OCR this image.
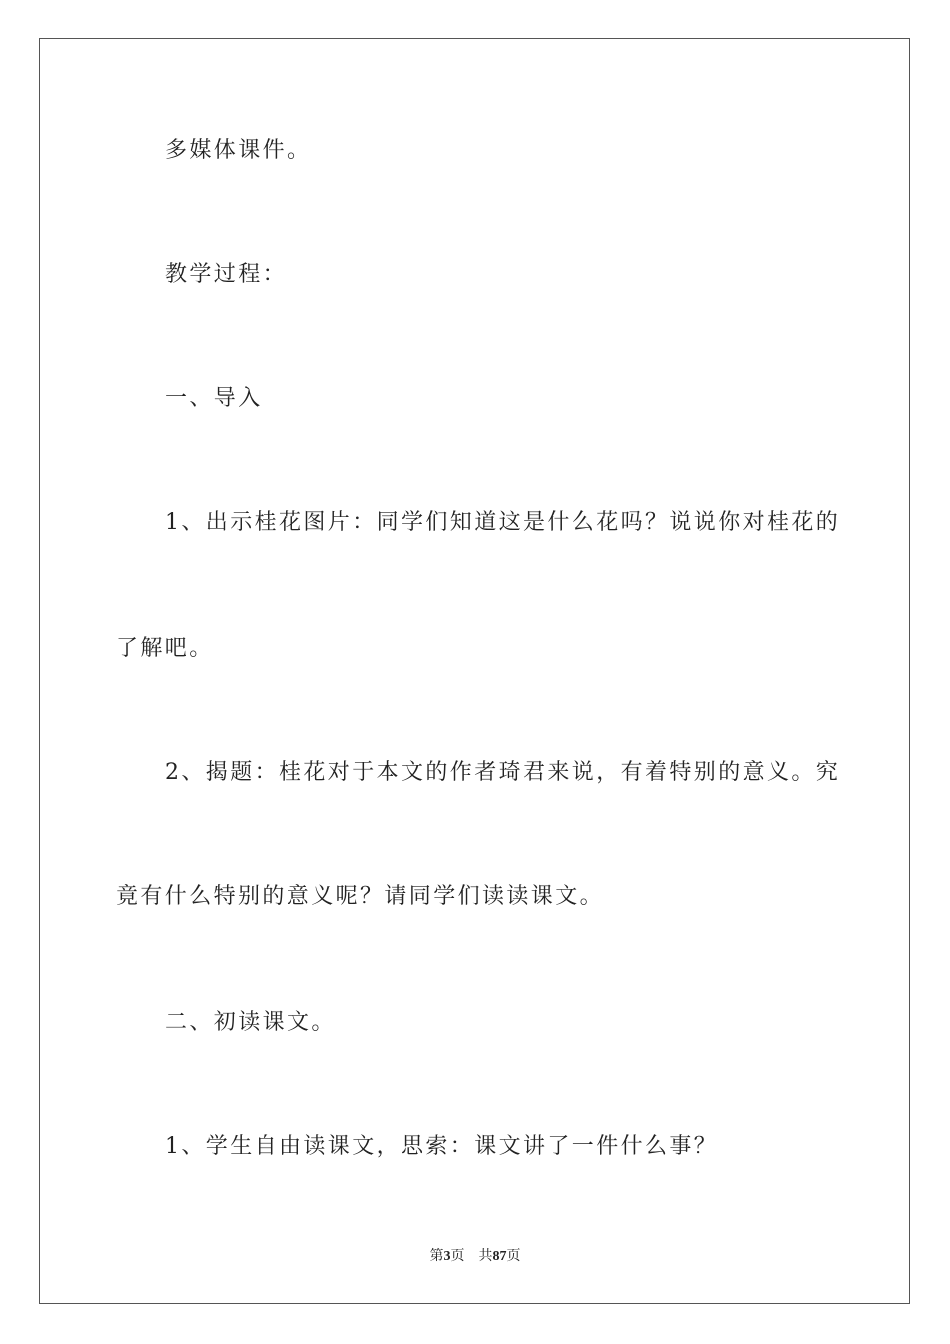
多媒体课件。
教学过程：
一、导入
1、出示桂花图片：同学们知道这是什么花吗？说说你对桂花的
了解吧。
2、揭题：桂花对于本文的作者琦君来说，有着特别的意义。究
竟有什么特别的意义呢？请同学们读读课文。
二、初读课文。
1、学生自由读课文，思索：课文讲了一件什么事？
第3页 共87页
